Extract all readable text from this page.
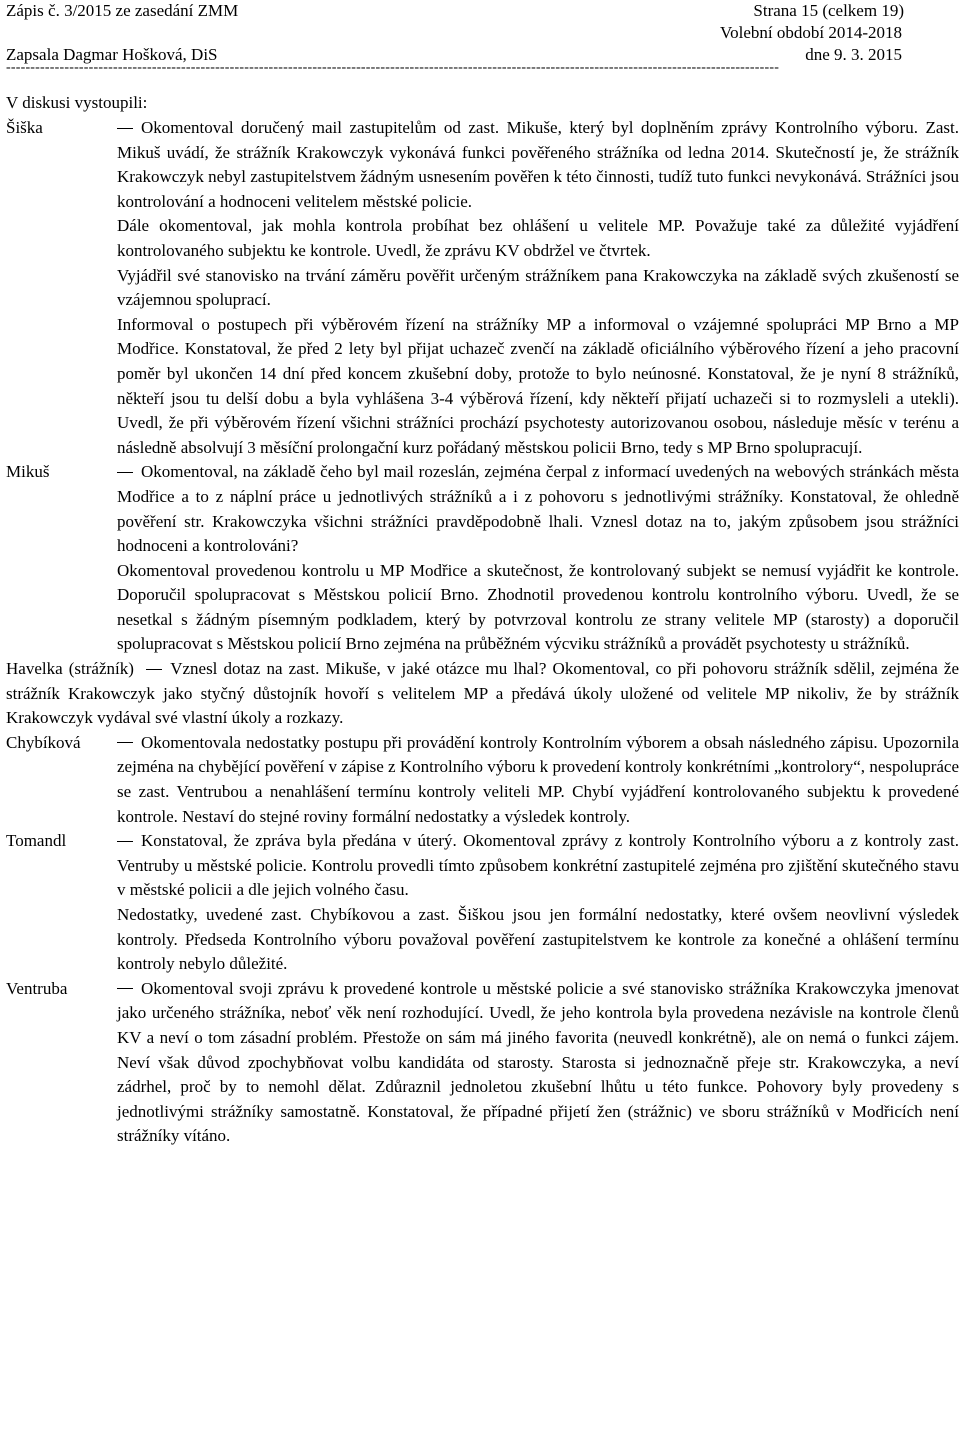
Zápis č. 3/2015 ze zasedání ZMM	Strana 15 (celkem 19)
Volební období 2014-2018
Zapsala Dagmar Hošková, DiS	dne 9. 3. 2015
---------------------------------------------------------------------------------------------------------------------------------------------------------------
V diskusi vystoupili:
Šiška	Okomentoval doručený mail zastupitelům od zast. Mikuše, který byl doplněním zprávy Kontrolního výboru. Zast. Mikuš uvádí, že strážník Krakowczyk vykonává funkci pověřeného strážníka od ledna 2014. Skutečností je, že strážník Krakowczyk nebyl zastupitelstvem žádným usnesením pověřen k této činnosti, tudíž tuto funkci nevykonává. Strážníci jsou kontrolování a hodnoceni velitelem městské policie.

Dále okomentoval, jak mohla kontrola probíhat bez ohlášení u velitele MP. Považuje také za důležité vyjádření kontrolovaného subjektu ke kontrole. Uvedl, že zprávu KV obdržel ve čtvrtek.

Vyjádřil své stanovisko na trvání záměru pověřit určeným strážníkem pana Krakowczyka na základě svých zkušeností se vzájemnou spoluprací.

Informoval o postupech při výběrovém řízení na strážníky MP a informoval o vzájemné spolupráci MP Brno a MP Modřice. Konstatoval, že před 2 lety byl přijat uchazeč zvenčí na základě oficiálního výběrového řízení a jeho pracovní poměr byl ukončen 14 dní před koncem zkušební doby, protože to bylo neúnosné. Konstatoval, že je nyní 8 strážníků, někteří jsou tu delší dobu a byla vyhlášena 3-4 výběrová řízení, kdy někteří přijatí uchazeči si to rozmysleli a utekli). Uvedl, že při výběrovém řízení všichni strážníci prochází psychotesty autorizovanou osobou, následuje měsíc v terénu a následně absolvují 3 měsíční prolongační kurz pořádaný městskou policii Brno, tedy s MP Brno spolupracují.

Mikuš	Okomentoval, na základě čeho byl mail rozeslán, zejména čerpal z informací uvedených na webových stránkách města Modřice a to z náplní práce u jednotlivých strážníků a i z pohovoru s jednotlivými strážníky. Konstatoval, že ohledně pověření str. Krakowczyka všichni strážníci pravděpodobně lhali. Vznesl dotaz na to, jakým způsobem jsou strážníci hodnoceni a kontrolováni?

Okomentoval provedenou kontrolu u MP Modřice a skutečnost, že kontrolovaný subjekt se nemusí vyjádřit ke kontrole. Doporučil spolupracovat s Městskou policií Brno. Zhodnotil provedenou kontrolu kontrolního výboru. Uvedl, že se nesetkal s žádným písemným podkladem, který by potvrzoval kontrolu ze strany velitele MP (starosty) a doporučil spolupracovat s Městskou policií Brno zejména na průběžném výcviku strážníků a provádět psychotesty u strážníků.

Havelka (strážník) Vznesl dotaz na zast. Mikuše, v jaké otázce mu lhal? Okomentoval, co při pohovoru strážník sdělil, zejména že strážník Krakowczyk jako styčný důstojník hovoří s velitelem MP a předává úkoly uložené od velitele MP nikoliv, že by strážník Krakowczyk vydával své vlastní úkoly a rozkazy.

Chybíková	Okomentovala nedostatky postupu při provádění kontroly Kontrolním výborem a obsah následného zápisu. Upozornila zejména na chybějící pověření v zápise z Kontrolního výboru k provedení kontroly konkrétními „kontrolory“, nespolupráce se zast. Ventrubou a nenahlášení termínu kontroly veliteli MP. Chybí vyjádření kontrolovaného subjektu k provedené kontrole. Nestaví do stejné roviny formální nedostatky a výsledek kontroly.

Tomandl	Konstatoval, že zpráva byla předána v úterý. Okomentoval zprávy z kontroly Kontrolního výboru a z kontroly zast. Ventruby u městské policie. Kontrolu provedli tímto způsobem konkrétní zastupitelé zejména pro zjištění skutečného stavu v městské policii a dle jejich volného času.

Nedostatky, uvedené zast. Chybíkovou a zast. Šiškou jsou jen formální nedostatky, které ovšem neovlivní výsledek kontroly. Předseda Kontrolního výboru považoval pověření zastupitelstvem ke kontrole za konečné a ohlášení termínu kontroly nebylo důležité.

Ventruba	Okomentoval svoji zprávu k provedené kontrole u městské policie a své stanovisko strážníka Krakowczyka jmenovat jako určeného strážníka, neboť věk není rozhodující. Uvedl, že jeho kontrola byla provedena nezávisle na kontrole členů KV a neví o tom zásadní problém. Přestože on sám má jiného favorita (neuvedl konkrétně), ale on nemá o funkci zájem. Neví však důvod zpochybňovat volbu kandidáta od starosty. Starosta si jednoznačně přeje str. Krakowczyka, a neví zádrhel, proč by to nemohl dělat. Zdůraznil jednoletou zkušební lhůtu u této funkce. Pohovory byly provedeny s jednotlivými strážníky samostatně. Konstatoval, že případné přijetí žen (strážnic) ve sboru strážníků v Modřicích není strážníky vítáno.
